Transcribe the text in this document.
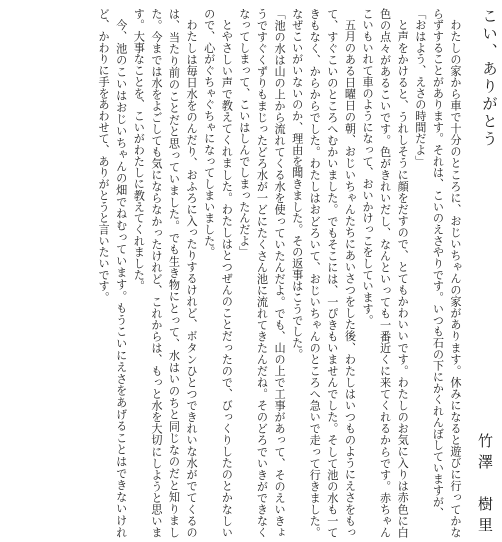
こい、ありがとう
竹澤　樹里

わたしの家から車で十分のところに、おじいちゃんの家があります。休みになると遊びに行ってかならずすることがあります。それは、こいのえさやりです。いつも石の下にかくれんぼしていますが、

「おはよう、えさの時間だよ」

と声をかけると、うれしそうに顔をだすので、とてもかわいいです。わたしのお気に入りは赤色に白色の点々があるこいです。色がきれいだし、なんといっても一番近くに来てくれるからです。赤ちゃんこいもいれて車のようになって、おいかけっこをしています。

五月のある日曜日の朝、おじいちゃんたちにあいさつをした後、わたしはいつものようにえさをもって、すぐこいのところへむかいました。でもそこには、一ぴきもいませんでした。そして池の水も一てきもなく、からからでした。わたしはおどろいて、おじいちゃんのところへ急いで走って行きました。なぜこいがいないのか、理由を聞きました。その返事はこうでした。

「池の水は山の上から流れてくる水を使っていたんだよ。でも、山の上で工事があって、そのえいきょうですぐくずりもまじったどろ水が一どにたくさん池に流れてきたんだね。そのどろでいきができなくなってしまって、こいはしんでしまったんだよ」

とやさしい声で教えてくれました。わたしはとつぜんのことだったので、びっくりしたのとかなしいので、心がぐちゃぐちゃになってしまいました。

わたしは毎日水をのんだり、おふろに入ったりするけれど、ボタンひとつできれいな水がでてくるのは、当たり前のことだと思っていました。でも生き物にとって、水はいのちと同じなのだと知りました。今までは水をよごしても気にならなかったけれど、これからは、もっと水を大切にしようと思います。大事なことを、こいがわたしに教えてくれました。

今、池のこいはおじいちゃんの畑でねむっています。もうこいにえさをあげることはできないけれど、かわりに手をあわせて、ありがとうと言いたいです。
